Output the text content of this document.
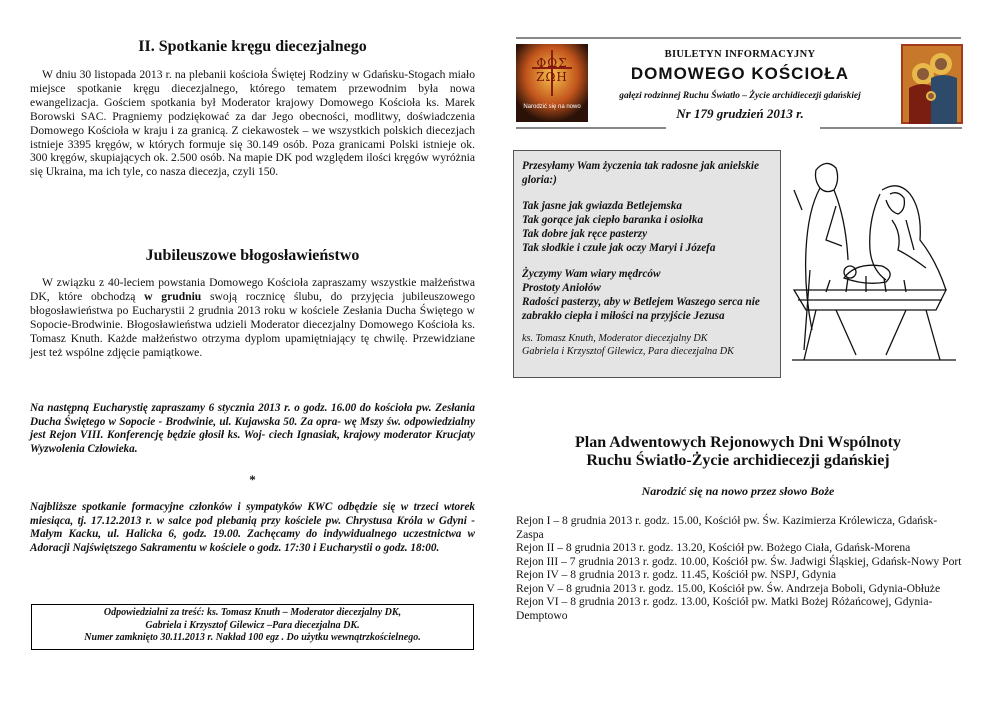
II. Spotkanie kręgu diecezjalnego
W dniu 30 listopada 2013 r. na plebanii kościoła Świętej Rodziny w Gdańsku-Stogach miało miejsce spotkanie kręgu diecezjalnego, którego tematem przewodnim była nowa ewangelizacja. Gościem spotkania był Moderator krajowy Domowego Kościoła ks. Marek Borowski SAC. Pragniemy podziękować za dar Jego obecności, modlitwy, doświadczenia Domowego Kościoła w kraju i za granicą. Z ciekawostek – we wszystkich polskich diecezjach istnieje 3395 kręgów, w których formuje się 30.149 osób. Poza granicami Polski istnieje ok. 300 kręgów, skupiających ok. 2.500 osób. Na mapie DK pod względem ilości kręgów wyróżnia się Ukraina, ma ich tyle, co nasza diecezja, czyli 150.
Jubileuszowe błogosławieństwo
W związku z 40-leciem powstania Domowego Kościoła zapraszamy wszystkie małżeństwa DK, które obchodzą w grudniu swoją rocznicę ślubu, do przyjęcia jubileuszowego błogosławieństwa po Eucharystii 2 grudnia 2013 roku w kościele Zesłania Ducha Świętego w Sopocie-Brodwinie. Błogosławieństwa udzieli Moderator diecezjalny Domowego Kościoła ks. Tomasz Knuth. Każde małżeństwo otrzyma dyplom upamiętniający tę chwilę. Przewidziane jest też wspólne zdjęcie pamiątkowe.
Na następną Eucharystię zapraszamy 6 stycznia 2013 r. o godz. 16.00 do kościoła pw. Zesłania Ducha Świętego w Sopocie - Brodwinie, ul. Kujawska 50. Za opra- wę Mszy św. odpowiedzialny jest Rejon VIII. Konferencję będzie głosił ks. Woj- ciech Ignasiak, krajowy moderator Krucjaty Wyzwolenia Człowieka.
*
Najbliższe spotkanie formacyjne członków i sympatyków KWC odbędzie się w trzeci wtorek miesiąca, tj. 17.12.2013 r. w salce pod plebanią przy kościele pw. Chrystusa Króla w Gdyni - Małym Kacku, ul. Halicka 6, godz. 19.00. Zachęcamy do indywidualnego uczestnictwa w Adoracji Najświętszego Sakramentu w kościele o godz. 17:30 i Eucharystii o godz. 18:00.
Odpowiedzialni za treść: ks. Tomasz Knuth – Moderator diecezjalny DK,
Gabriela i Krzysztof Gilewicz –Para diecezjalna DK.
Numer zamknięto 30.11.2013 r. Nakład 100 egz . Do użytku wewnątrzkościelnego.
ΦΩΣ ΖΩΗ
Narodzić się na nowo
BIULETYN INFORMACYJNY
DOMOWEGO KOŚCIOŁA
gałęzi rodzinnej Ruchu Światło – Życie archidiecezji gdańskiej
Nr 179 grudzień 2013 r.
Przesyłamy Wam życzenia tak radosne jak anielskie gloria:)
Tak jasne jak gwiazda Betlejemska
Tak gorące jak ciepło baranka i osiołka
Tak dobre jak ręce pasterzy
Tak słodkie i czułe jak oczy Maryi i Józefa
Życzymy Wam wiary mędrców
Prostoty Aniołów
Radości pasterzy, aby w Betlejem Waszego serca nie zabrakło ciepła i miłości na przyjście Jezusa
ks. Tomasz Knuth, Moderator diecezjalny DK
Gabriela i Krzysztof Gilewicz, Para diecezjalna DK
Plan Adwentowych Rejonowych Dni Wspólnoty
Ruchu Światło-Życie archidiecezji gdańskiej
Narodzić się na nowo przez słowo Boże
Rejon I – 8 grudnia 2013 r. godz. 15.00, Kościół pw. Św. Kazimierza Królewicza, Gdańsk-Zaspa
Rejon II – 8 grudnia 2013 r. godz. 13.20, Kościół pw. Bożego Ciała, Gdańsk-Morena
Rejon III – 7 grudnia 2013 r. godz. 10.00, Kościół pw. Św. Jadwigi Śląskiej, Gdańsk-Nowy Port
Rejon IV – 8 grudnia 2013 r. godz. 11.45, Kościół pw. NSPJ, Gdynia
Rejon V – 8 grudnia 2013 r. godz. 15.00, Kościół pw. Św. Andrzeja Boboli, Gdynia-Obłuże
Rejon VI – 8 grudnia 2013 r. godz. 13.00, Kościół pw. Matki Bożej Różańcowej, Gdynia-Demptowo
